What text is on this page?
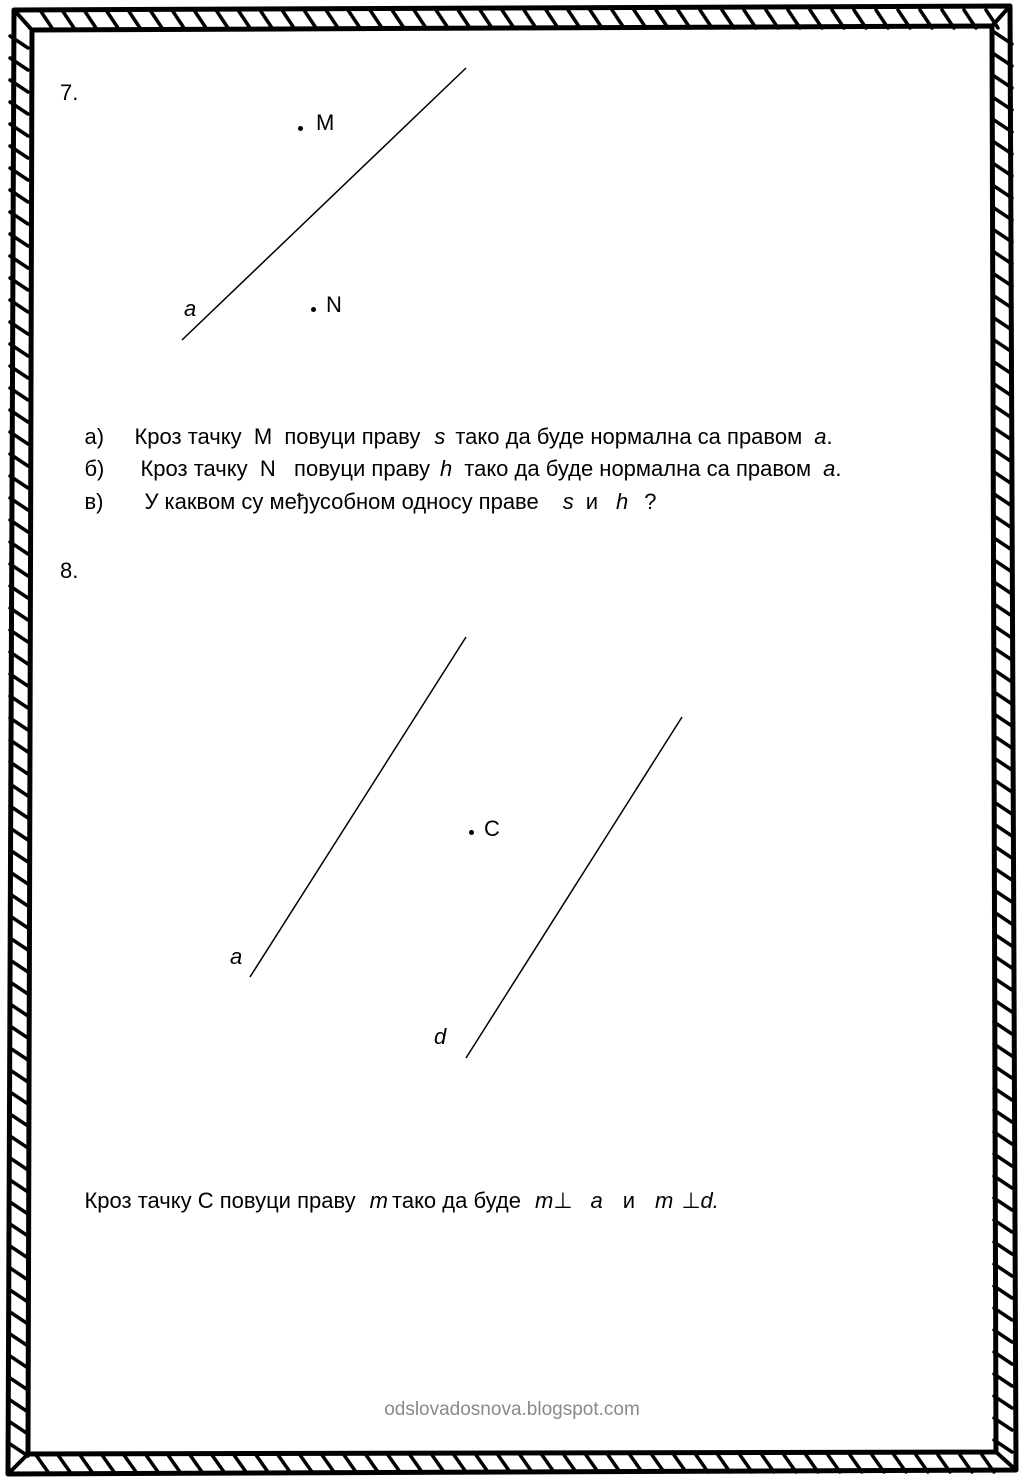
7.
M
N
a

а) Кроз тачку  М  повуци праву s тако да буде нормална са правом a.

б) Кроз тачку  N   повуци праву h тако да буде нормална са правом a.

в) У каквом су међусобном односу праве s и h ?

8.
C
a
d

Кроз тачку С повуци праву m тако да буде m⊥ a и m ⊥d.

odslovadosnova.blogspot.com
